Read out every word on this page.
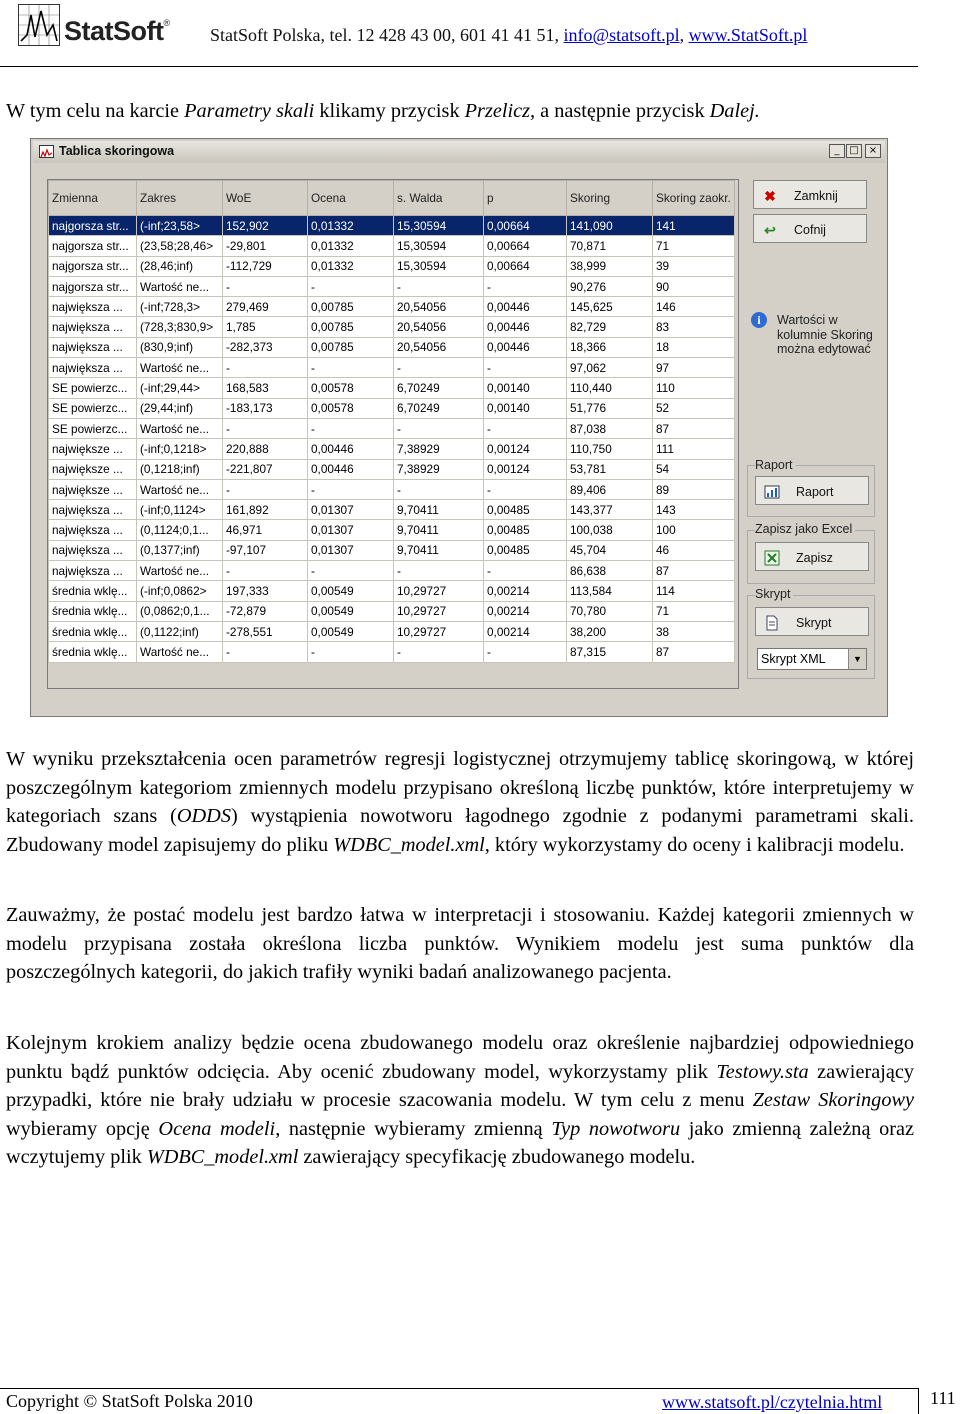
StatSoft®
StatSoft Polska, tel. 12 428 43 00, 601 41 41 51, info@statsoft.pl, www.StatSoft.pl

W tym celu na karcie Parametry skali klikamy przycisk Przelicz, a następnie przycisk Dalej.

Tablica skoringowa	_ □	×
Zmienna	Zakres	WoE	Ocena	s. Walda	p	Skoring	Skoring zaokr.
najgorsza str...	(-inf;23,58>	152,902	0,01332	15,30594	0,00664	141,090	141
najgorsza str...	(23,58;28,46>	-29,801	0,01332	15,30594	0,00664	70,871	71
najgorsza str...	(28,46;inf)	-112,729	0,01332	15,30594	0,00664	38,999	39
najgorsza str...	Wartość ne...	-	-	-	-	90,276	90
największa ...	(-inf;728,3>	279,469	0,00785	20,54056	0,00446	145,625	146
największa ...	(728,3;830,9>	1,785	0,00785	20,54056	0,00446	82,729	83
największa ...	(830,9;inf)	-282,373	0,00785	20,54056	0,00446	18,366	18
największa ...	Wartość ne...	-	-	-	-	97,062	97
SE powierzc...	(-inf;29,44>	168,583	0,00578	6,70249	0,00140	110,440	110
SE powierzc...	(29,44;inf)	-183,173	0,00578	6,70249	0,00140	51,776	52
SE powierzc...	Wartość ne...	-	-	-	-	87,038	87
największe ...	(-inf;0,1218>	220,888	0,00446	7,38929	0,00124	110,750	111
największe ...	(0,1218;inf)	-221,807	0,00446	7,38929	0,00124	53,781	54
największe ...	Wartość ne...	-	-	-	-	89,406	89
największa ...	(-inf;0,1124>	161,892	0,01307	9,70411	0,00485	143,377	143
największa ...	(0,1124;0,1...	46,971	0,01307	9,70411	0,00485	100,038	100
największa ...	(0,1377;inf)	-97,107	0,01307	9,70411	0,00485	45,704	46
największa ...	Wartość ne...	-	-	-	-	86,638	87
średnia wklę...	(-inf;0,0862>	197,333	0,00549	10,29727	0,00214	113,584	114
średnia wklę...	(0,0862;0,1...	-72,879	0,00549	10,29727	0,00214	70,780	71
średnia wklę...	(0,1122;inf)	-278,551	0,00549	10,29727	0,00214	38,200	38
średnia wklę...	Wartość ne...	-	-	-	-	87,315	87
✖ Zamknij
↩ Cofnij
i	Wartości w
kolumnie Skoring
można edytować
Raport
Raport
Zapisz jako Excel
Zapisz
Skrypt
Skrypt
Skrypt XML	▼

W wyniku przekształcenia ocen parametrów regresji logistycznej otrzymujemy tablicę skoringową, w której poszczególnym kategoriom zmiennych modelu przypisano określoną liczbę punktów, które interpretujemy w kategoriach szans (ODDS) wystąpienia nowotworu łagodnego zgodnie z podanymi parametrami skali. Zbudowany model zapisujemy do pliku WDBC_model.xml, który wykorzystamy do oceny i kalibracji modelu.

Zauważmy, że postać modelu jest bardzo łatwa w interpretacji i stosowaniu. Każdej kategorii zmiennych w modelu przypisana została określona liczba punktów. Wynikiem modelu jest suma punktów dla poszczególnych kategorii, do jakich trafiły wyniki badań analizowanego pacjenta.

Kolejnym krokiem analizy będzie ocena zbudowanego modelu oraz określenie najbardziej odpowiedniego punktu bądź punktów odcięcia. Aby ocenić zbudowany model, wykorzystamy plik Testowy.sta zawierający przypadki, które nie brały udziału w procesie szacowania modelu. W tym celu z menu Zestaw Skoringowy wybieramy opcję Ocena modeli, następnie wybieramy zmienną Typ nowotworu jako zmienną zależną oraz wczytujemy plik WDBC_model.xml zawierający specyfikację zbudowanego modelu.

Copyright © StatSoft Polska 2010	www.statsoft.pl/czytelnia.html	111
